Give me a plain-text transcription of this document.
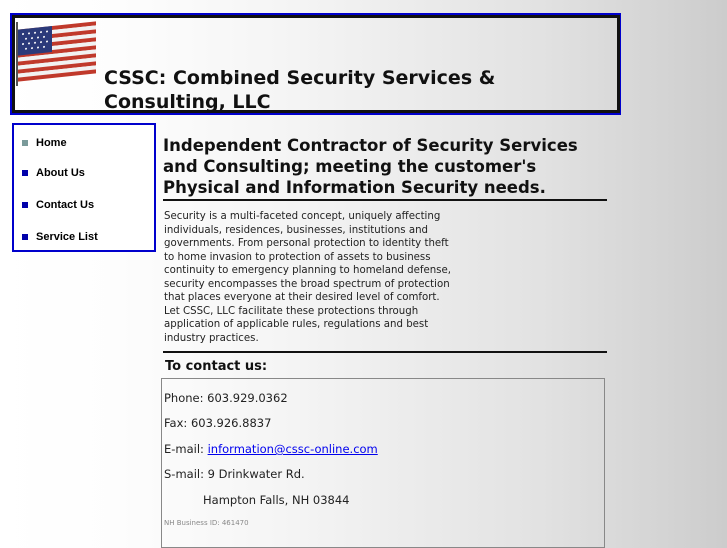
CSSC: Combined Security Services &
Consulting, LLC
Home
About Us
Contact Us
Service List
Independent Contractor of Security Services
and Consulting; meeting the customer's
Physical and Information Security needs.
Security is a multi-faceted concept, uniquely affecting
individuals, residences, businesses, institutions and
governments. From personal protection to identity theft
to home invasion to protection of assets to business
continuity to emergency planning to homeland defense,
security encompasses the broad spectrum of protection
that places everyone at their desired level of comfort.
Let CSSC, LLC facilitate these protections through
application of applicable rules, regulations and best
industry practices.
To contact us:
Phone: 603.929.0362
Fax: 603.926.8837
E-mail: information@cssc-online.com
S-mail: 9 Drinkwater Rd.
Hampton Falls, NH 03844
NH Business ID: 461470
